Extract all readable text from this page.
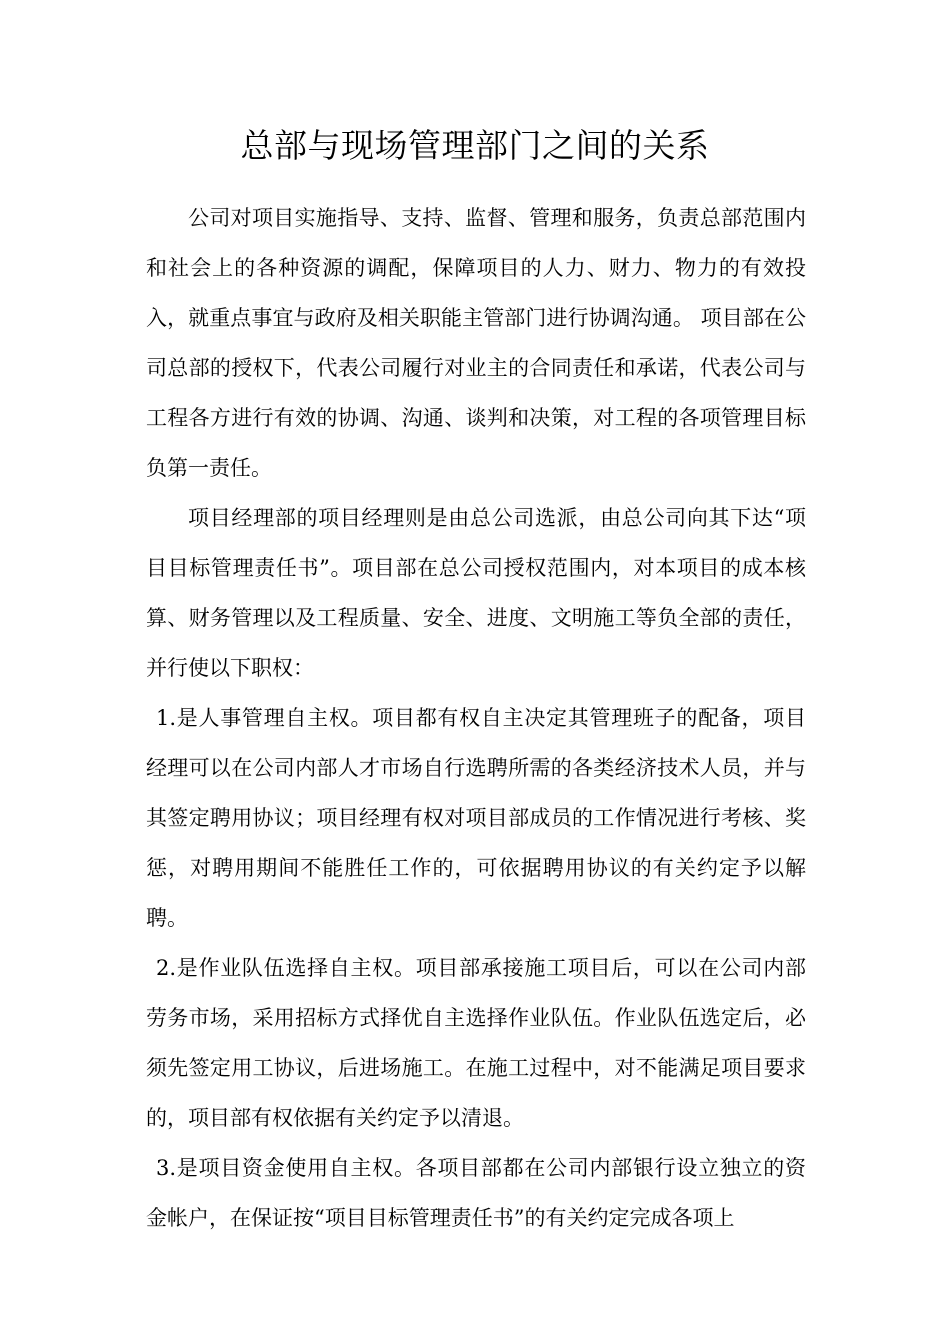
总部与现场管理部门之间的关系

公司对项目实施指导、支持、监督、管理和服务，负责总部范围内和社会上的各种资源的调配，保障项目的人力、财力、物力的有效投入，就重点事宜与政府及相关职能主管部门进行协调沟通。 项目部在公司总部的授权下，代表公司履行对业主的合同责任和承诺，代表公司与工程各方进行有效的协调、沟通、谈判和决策，对工程的各项管理目标负第一责任。

项目经理部的项目经理则是由总公司选派，由总公司向其下达“项目目标管理责任书”。项目部在总公司授权范围内，对本项目的成本核算、财务管理以及工程质量、安全、进度、文明施工等负全部的责任，并行使以下职权：

1.是人事管理自主权。项目都有权自主决定其管理班子的配备，项目经理可以在公司内部人才市场自行选聘所需的各类经济技术人员，并与其签定聘用协议；项目经理有权对项目部成员的工作情况进行考核、奖惩，对聘用期间不能胜任工作的，可依据聘用协议的有关约定予以解聘。

2.是作业队伍选择自主权。项目部承接施工项目后，可以在公司内部劳务市场，采用招标方式择优自主选择作业队伍。作业队伍选定后，必须先签定用工协议，后进场施工。在施工过程中，对不能满足项目要求的，项目部有权依据有关约定予以清退。

3.是项目资金使用自主权。各项目部都在公司内部银行设立独立的资金帐户，在保证按“项目目标管理责任书”的有关约定完成各项上
